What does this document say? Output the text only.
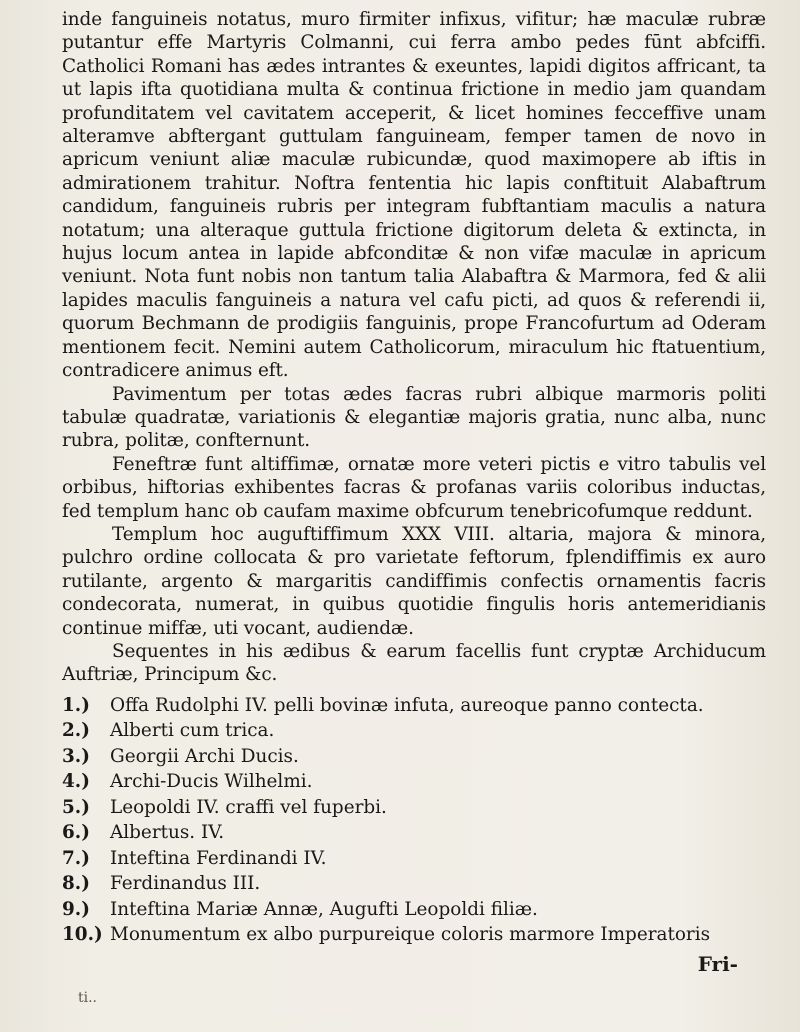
inde fanguineis notatus, muro firmiter infixus, vifitur; hæ maculæ rubræ putantur effe Martyris Colmanni, cui ferra ambo pedes fūnt abfciffi. Catholici Romani has ædes intrantes & exeuntes, lapidi digitos affricant, ta ut lapis ifta quotidiana multa & continua frictione in medio jam quandam profunditatem vel cavitatem acceperit, & licet homines fecceffive unam alteramve abftergant guttulam fanguineam, femper tamen de novo in apricum veniunt aliæ maculæ rubicundæ, quod maximopere ab iftis in admirationem trahitur. Noftra fententia hic lapis conftituit Alabaftrum candidum, fanguineis rubris per integram fubftantiam maculis a natura notatum; una alteraque guttula frictione digitorum deleta & extincta, in hujus locum antea in lapide abfconditæ & non vifæ maculæ in apricum veniunt. Nota funt nobis non tantum talia Alabaftra & Marmora, fed & alii lapides maculis fanguineis a natura vel cafu picti, ad quos & referendi ii, quorum Bechmann de prodigiis fanguinis, prope Francofurtum ad Oderam mentionem fecit. Nemini autem Catholicorum, miraculum hic ftatuentium, contradicere animus eft.

Pavimentum per totas ædes facras rubri albique marmoris politi tabulæ quadratæ, variationis & elegantiæ majoris gratia, nunc alba, nunc rubra, politæ, confternunt.

Feneftræ funt altiffimæ, ornatæ more veteri pictis e vitro tabulis vel orbibus, hiftorias exhibentes facras & profanas variis coloribus inductas, fed templum hanc ob caufam maxime obfcurum tenebricofumque reddunt.

Templum hoc auguftiffimum XXX VIII. altaria, majora & minora, pulchro ordine collocata & pro varietate feftorum, fplendiffimis ex auro rutilante, argento & margaritis candiffimis confectis ornamentis facris condecorata, numerat, in quibus quotidie fingulis horis antemeridianis continue miffæ, uti vocant, audiendæ.

Sequentes in his ædibus & earum facellis funt cryptæ Archiducum Auftriæ, Principum &c.

1.)	Offa Rudolphi IV. pelli bovinæ infuta, aureoque panno contecta.
2.)	Alberti cum trica.
3.)	Georgii Archi Ducis.
4.)	Archi-Ducis Wilhelmi.
5.)	Leopoldi IV. craffi vel fuperbi.
6.)	Albertus. IV.
7.)	Inteftina Ferdinandi IV.
8.)	Ferdinandus III.
9.)	Inteftina Mariæ Annæ, Augufti Leopoldi filiæ.
10.) Monumentum ex albo purpureique coloris marmore Imperatoris
Fri-
ti..
